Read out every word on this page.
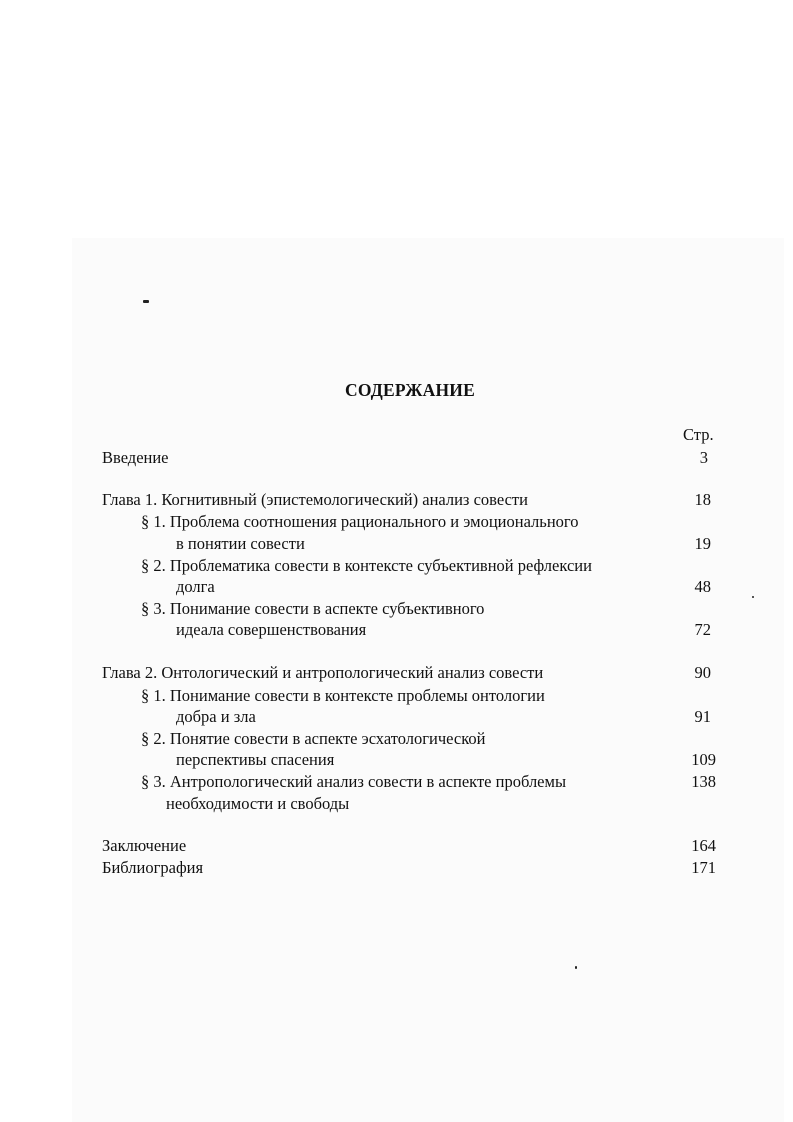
СОДЕРЖАНИЕ
Стр.
Введение	3
Глава 1. Когнитивный (эпистемологический) анализ совести	18
§ 1. Проблема соотношения рационального и эмоционального
в понятии совести	19
§ 2. Проблематика совести в контексте субъективной рефлексии
долга	48
§ 3. Понимание совести в аспекте субъективного
идеала совершенствования	72
Глава 2. Онтологический и антропологический анализ совести	90
§ 1. Понимание совести в контексте проблемы онтологии
добра и зла	91
§ 2. Понятие совести в аспекте эсхатологической
перспективы спасения	109
§ 3. Антропологический анализ совести в аспекте проблемы	138
необходимости и свободы
Заключение	164
Библиография	171
